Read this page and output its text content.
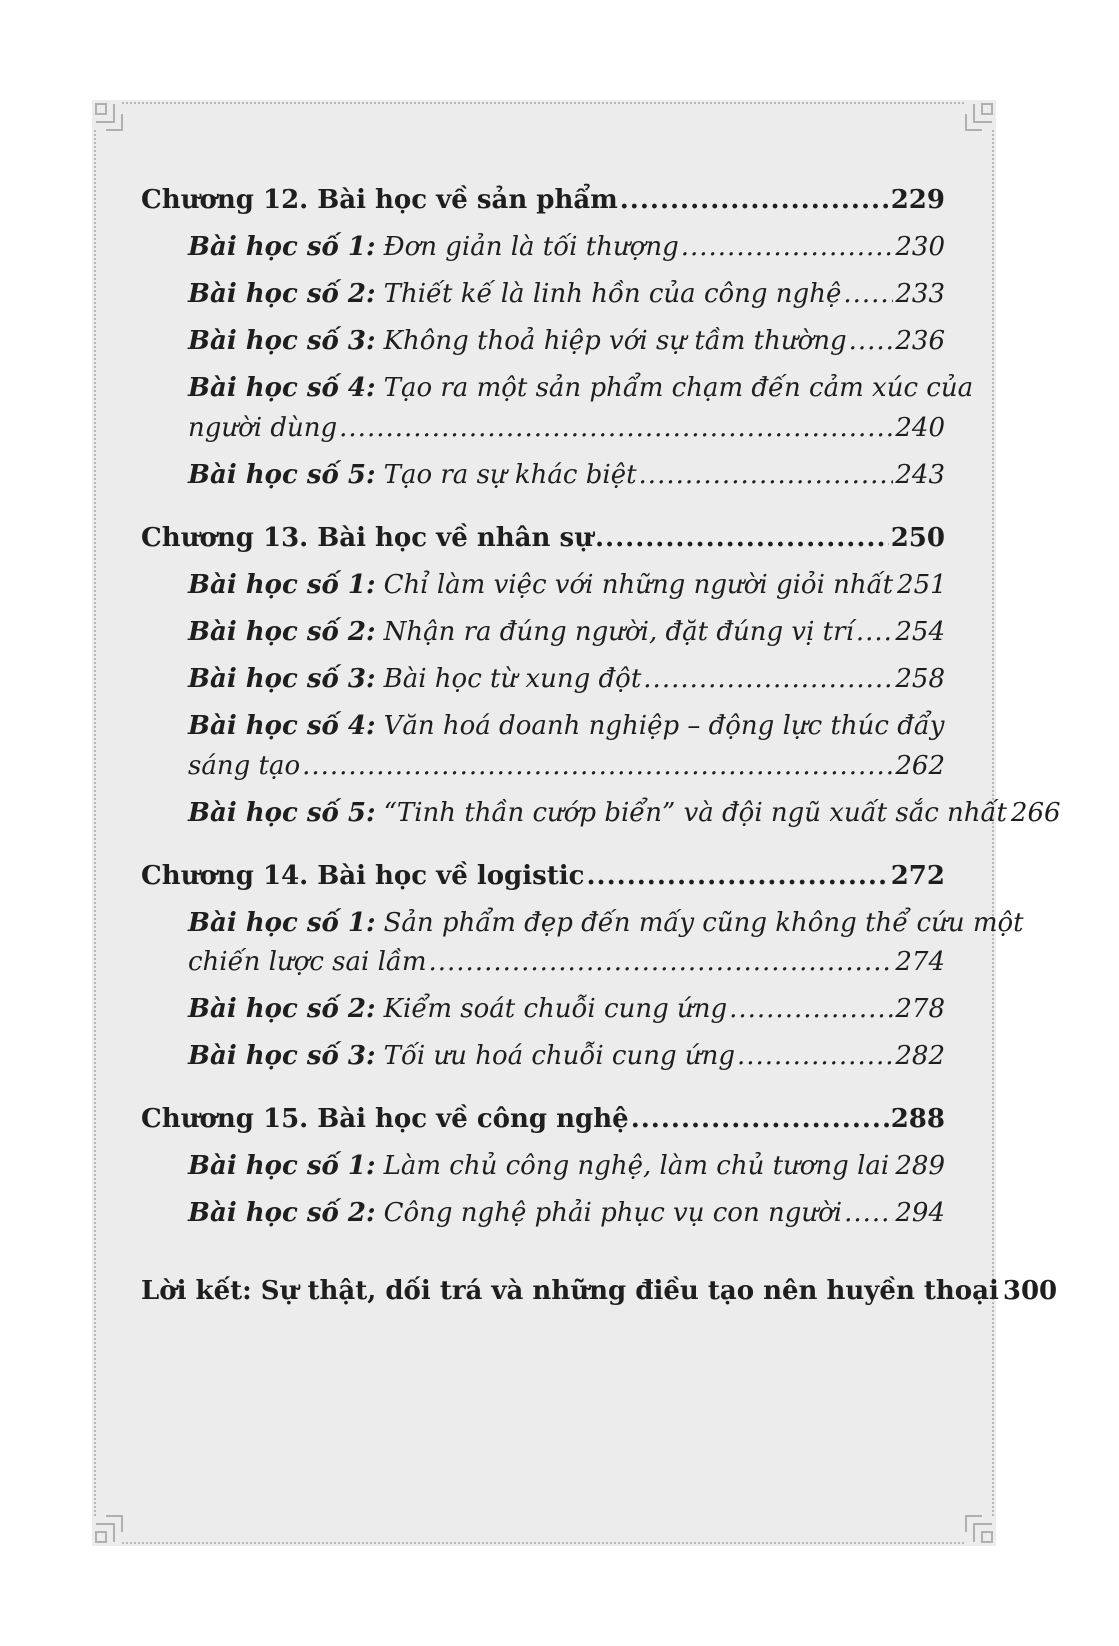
Chương 12. Bài học về sản phẩm .....	229
Bài học số 1: Đơn giản là tối thượng .....	230
Bài học số 2: Thiết kế là linh hồn của công nghệ ..... 233
Bài học số 3: Không thoả hiệp với sự tầm thường ..... 236
Bài học số 4: Tạo ra một sản phẩm chạm đến cảm xúc của
người dùng .....	240
Bài học số 5: Tạo ra sự khác biệt .....	243
Chương 13. Bài học về nhân sự .....	250
Bài học số 1: Chỉ làm việc với những người giỏi nhất 251
Bài học số 2: Nhận ra đúng người, đặt đúng vị trí ..... 254
Bài học số 3: Bài học từ xung đột .....	258
Bài học số 4: Văn hoá doanh nghiệp – động lực thúc đẩy
sáng tạo .....	262
Bài học số 5: “Tinh thần cướp biển” và đội ngũ xuất sắc nhất 266
Chương 14. Bài học về logistic .....	272
Bài học số 1: Sản phẩm đẹp đến mấy cũng không thể cứu một
chiến lược sai lầm .....	274
Bài học số 2: Kiểm soát chuỗi cung ứng .....	278
Bài học số 3: Tối ưu hoá chuỗi cung ứng .....	282
Chương 15. Bài học về công nghệ .....	288
Bài học số 1: Làm chủ công nghệ, làm chủ tương lai ..... 289
Bài học số 2: Công nghệ phải phục vụ con người ..... 294
Lời kết: Sự thật, dối trá và những điều tạo nên huyền thoại 300
